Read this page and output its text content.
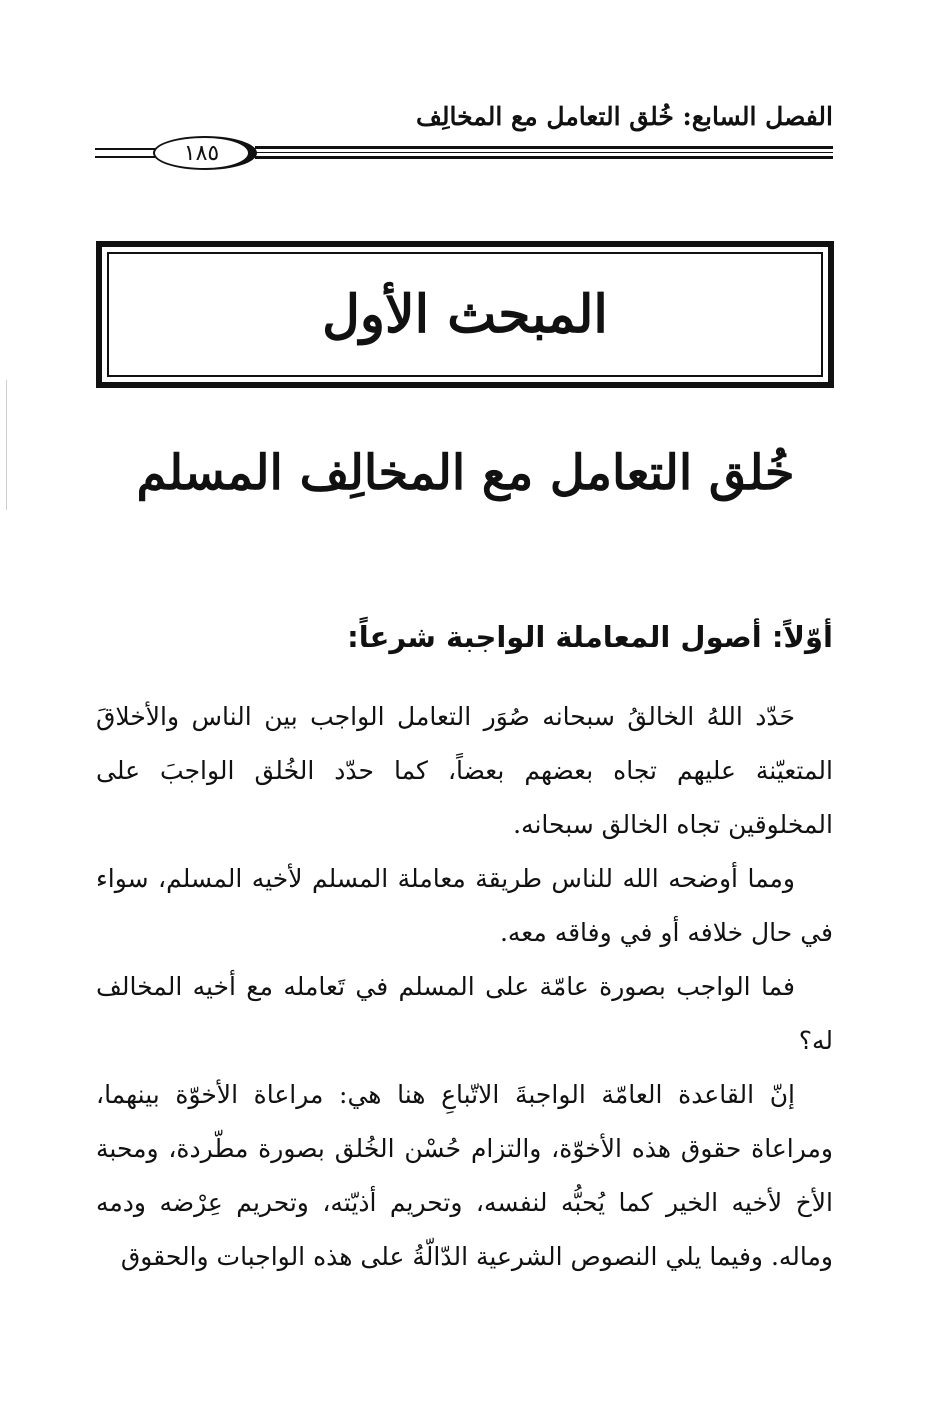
الفصل السابع: خُلق التعامل مع المخالِف
١٨٥
المبحث الأول
خُلق التعامل مع المخالِف المسلم
أوّلاً: أصول المعاملة الواجبة شرعاً:

حَدّد اللهُ الخالقُ سبحانه صُوَر التعامل الواجب بين الناس والأخلاقَ المتعيّنة عليهم تجاه بعضهم بعضاً، كما حدّد الخُلق الواجبَ على المخلوقين تجاه الخالق سبحانه.

ومما أوضحه الله للناس طريقة معاملة المسلم لأخيه المسلم، سواء في حال خلافه أو في وفاقه معه.

فما الواجب بصورة عامّة على المسلم في تَعامله مع أخيه المخالف له؟

إنّ القاعدة العامّة الواجبةَ الاتّباعِ هنا هي: مراعاة الأخوّة بينهما، ومراعاة حقوق هذه الأخوّة، والتزام حُسْن الخُلق بصورة مطّردة، ومحبة الأخ لأخيه الخير كما يُحبُّه لنفسه، وتحريم أذيّته، وتحريم عِرْضه ودمه وماله. وفيما يلي النصوص الشرعية الدّالّةُ على هذه الواجبات والحقوق
